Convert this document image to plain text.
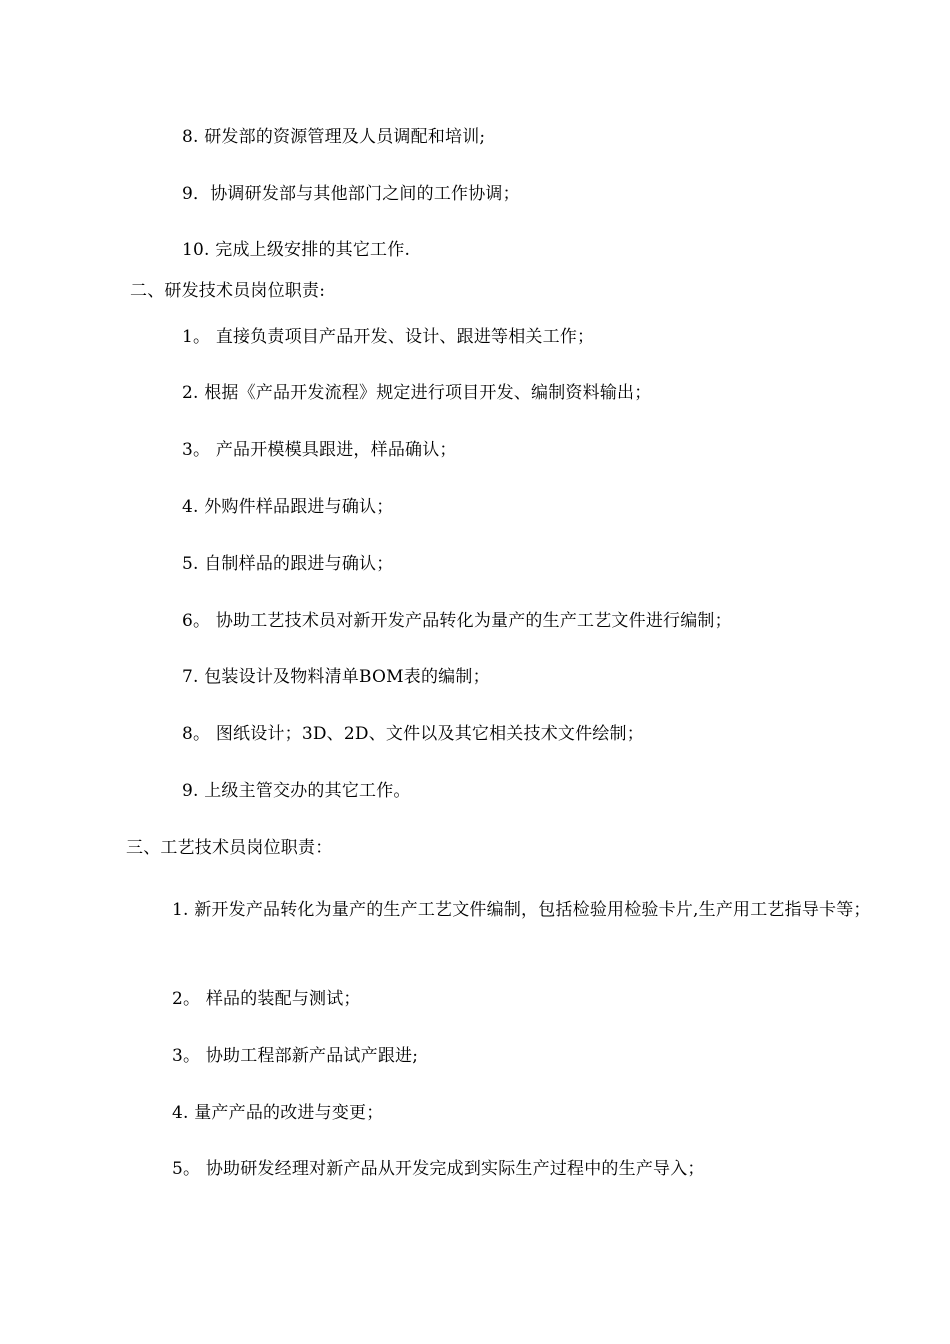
8. 研发部的资源管理及人员调配和培训;
9．协调研发部与其他部门之间的工作协调；
10. 完成上级安排的其它工作.
二、研发技术员岗位职责:
1。 直接负责项目产品开发、设计、跟进等相关工作；
2. 根据《产品开发流程》规定进行项目开发、编制资料输出；
3。 产品开模模具跟进，样品确认；
4. 外购件样品跟进与确认；
5. 自制样品的跟进与确认；
6。 协助工艺技术员对新开发产品转化为量产的生产工艺文件进行编制；
7. 包装设计及物料清单BOM表的编制；
8。 图纸设计；3D、2D、文件以及其它相关技术文件绘制；
9. 上级主管交办的其它工作。
三、工艺技术员岗位职责：
1. 新开发产品转化为量产的生产工艺文件编制，包括检验用检验卡片,生产用工艺指导卡等；
2。 样品的装配与测试；
3。 协助工程部新产品试产跟进;
4. 量产产品的改进与变更；
5。 协助研发经理对新产品从开发完成到实际生产过程中的生产导入；
